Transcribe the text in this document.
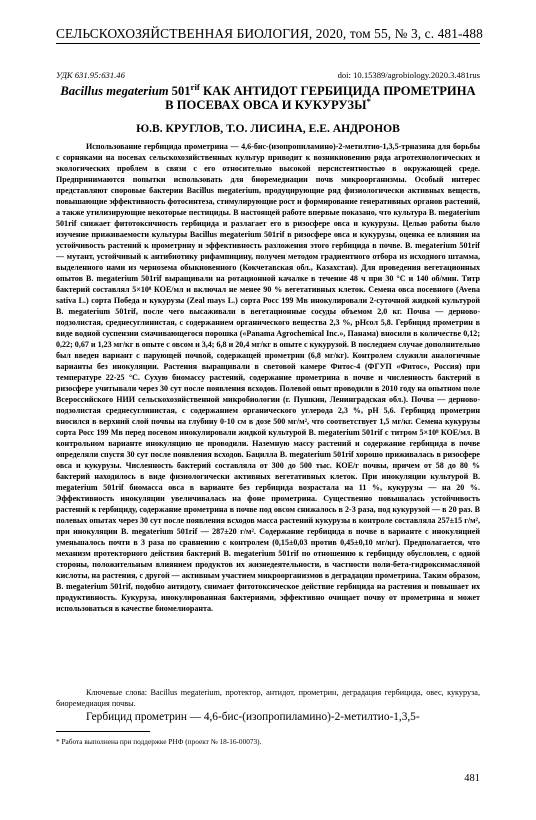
СЕЛЬСКОХОЗЯЙСТВЕННАЯ БИОЛОГИЯ, 2020, том 55, № 3, с. 481-488
УДК 631.95:631.46	doi: 10.15389/agrobiology.2020.3.481rus
Bacillus megaterium $501^{rif}$ КАК АНТИДОТ ГЕРБИЦИДА ПРОМЕТРИНА
В ПОСЕВАХ ОВСА И КУКУРУЗЫ*
Ю.В. КРУГЛОВ, Т.О. ЛИСИНА, Е.Е. АНДРОНОВ

Использование гербицида прометрина — 4,6-бис-(изопропиламино)-2-метилтио-1,3,5-триазина для борьбы с сорняками на посевах сельскохозяйственных культур приводит к возникновению ряда агротехнологических и экологических проблем в связи с его относительно высокой персистентностью в окружающей среде. Предпринимаются попытки использовать для биоремедиации почв микроорганизмы. Особый интерес представляют споровые бактерии Bacillus megaterium, продуцирующие ряд физиологически активных веществ, повышающие эффективность фотосинтеза, стимулирующие рост и формирование генеративных органов растений, а также утилизирующие некоторые пестициды. В настоящей работе впервые показано, что культура B. megaterium 501rif снижает фитотоксичность гербицида и разлагает его в ризосфере овса и кукурузы. Целью работы было изучение приживаемости культуры Bacillus megaterium 501rif в ризосфере овса и кукурузы, оценка ее влияния на устойчивость растений к прометрину и эффективность разложения этого гербицида в почве. B. megaterium 501rif — мутант, устойчивый к антибиотику рифампицину, получен методом градиентного отбора из исходного штамма, выделенного нами из чернозема обыкновенного (Кокчетавская обл., Казахстан). Для проведения вегетационных опытов B. megaterium 501rif выращивали на ротационной качалке в течение 48 ч при 30 °С и 140 об/мин. Титр бактерий составлял 5×10⁸ КОЕ/мл и включал не менее 90 % вегетативных клеток. Семена овса посевного (Avena sativa L.) сорта Победа и кукурузы (Zeal mays L.) сорта Росс 199 Мв инокулировали 2-суточной жидкой культурой B. megaterium 501rif, после чего высаживали в вегетационные сосуды объемом 2,0 кг. Почва — дерново-подзолистая, среднесуглинистая, с содержанием органического вещества 2,3 %, pHсол 5,8. Гербицид прометрин в виде водной суспензии смачивающегося порошка («Panama Agrochemical Inc.», Панама) вносили в количестве 0,12; 0,22; 0,67 и 1,23 мг/кг в опыте с овсом и 3,4; 6,8 и 20,4 мг/кг в опыте с кукурузой. В последнем случае дополнительно был введен вариант с парующей почвой, содержащей прометрин (6,8 мг/кг). Контролем служили аналогичные варианты без инокуляции. Растения выращивали в световой камере Фитос-4 (ФГУП «Фитос», Россия) при температуре 22-25 °С. Сухую биомассу растений, содержание прометрина в почве и численность бактерий в ризосфере учитывали через 30 сут после появления всходов. Полевой опыт проводили в 2010 году на опытном поле Всероссийского НИИ сельскохозяйственной микробиологии (г. Пушкин, Ленинградская обл.). Почва — дерново-подзолистая среднесуглинистая, с содержанием органического углерода 2,3 %, pH 5,6. Гербицид прометрин вносился в верхний слой почвы на глубину 0-10 см в дозе 500 мг/м², что соответствует 1,5 мг/кг. Семена кукурузы сорта Росс 199 Мв перед посевом инокулировали жидкой культурой B. megaterium 501rif с титром 5×10⁸ КОЕ/мл. В контрольном варианте инокуляцию не проводили. Наземную массу растений и содержание гербицида в почве определяли спустя 30 сут после появления всходов. Бацилла B. megaterium 501rif хорошо приживалась в ризосфере овса и кукурузы. Численность бактерий составляла от 300 до 500 тыс. КОЕ/г почвы, причем от 58 до 80 % бактерий находилось в виде физиологически активных вегетативных клеток. При инокуляции культурой B. megaterium 501rif биомасса овса в варианте без гербицида возрастала на 11 %, кукурузы — на 20 %. Эффективность инокуляции увеличивалась на фоне прометрина. Существенно повышалась устойчивость растений к гербициду, содержание прометрина в почве под овсом снижалось в 2-3 раза, под кукурузой — в 20 раз. В полевых опытах через 30 сут после появления всходов масса растений кукурузы в контроле составляла 257±15 г/м², при инокуляции B. megaterium 501rif — 287±20 г/м². Содержание гербицида в почве в варианте с инокуляцией уменьшалось почти в 3 раза по сравнению с контролем (0,15±0,03 против 0,45±0,10 мг/кг). Предполагается, что механизм протекторного действия бактерий B. megaterium 501rif по отношению к гербициду обусловлен, с одной стороны, положительным влиянием продуктов их жизнедеятельности, в частности поли-бета-гидроксимасляной кислоты, на растения, с другой — активным участием микроорганизмов в деградации прометрина. Таким образом, B. megaterium 501rif, подобно антидоту, снимает фитотоксическое действие гербицида на растения и повышает их продуктивность. Кукуруза, инокулированная бактериями, эффективно очищает почву от прометрина и может использоваться в качестве биомелиоранта.

Ключевые слова: Bacillus megaterium, протектор, антидот, прометрин, деградация гербицида, овес, кукуруза, биоремедиация почвы.

Гербицид прометрин — 4,6-бис-(изопропиламино)-2-метилтио-1,3,5-
* Работа выполнена при поддержке РНФ (проект № 18-16-00073).
481
